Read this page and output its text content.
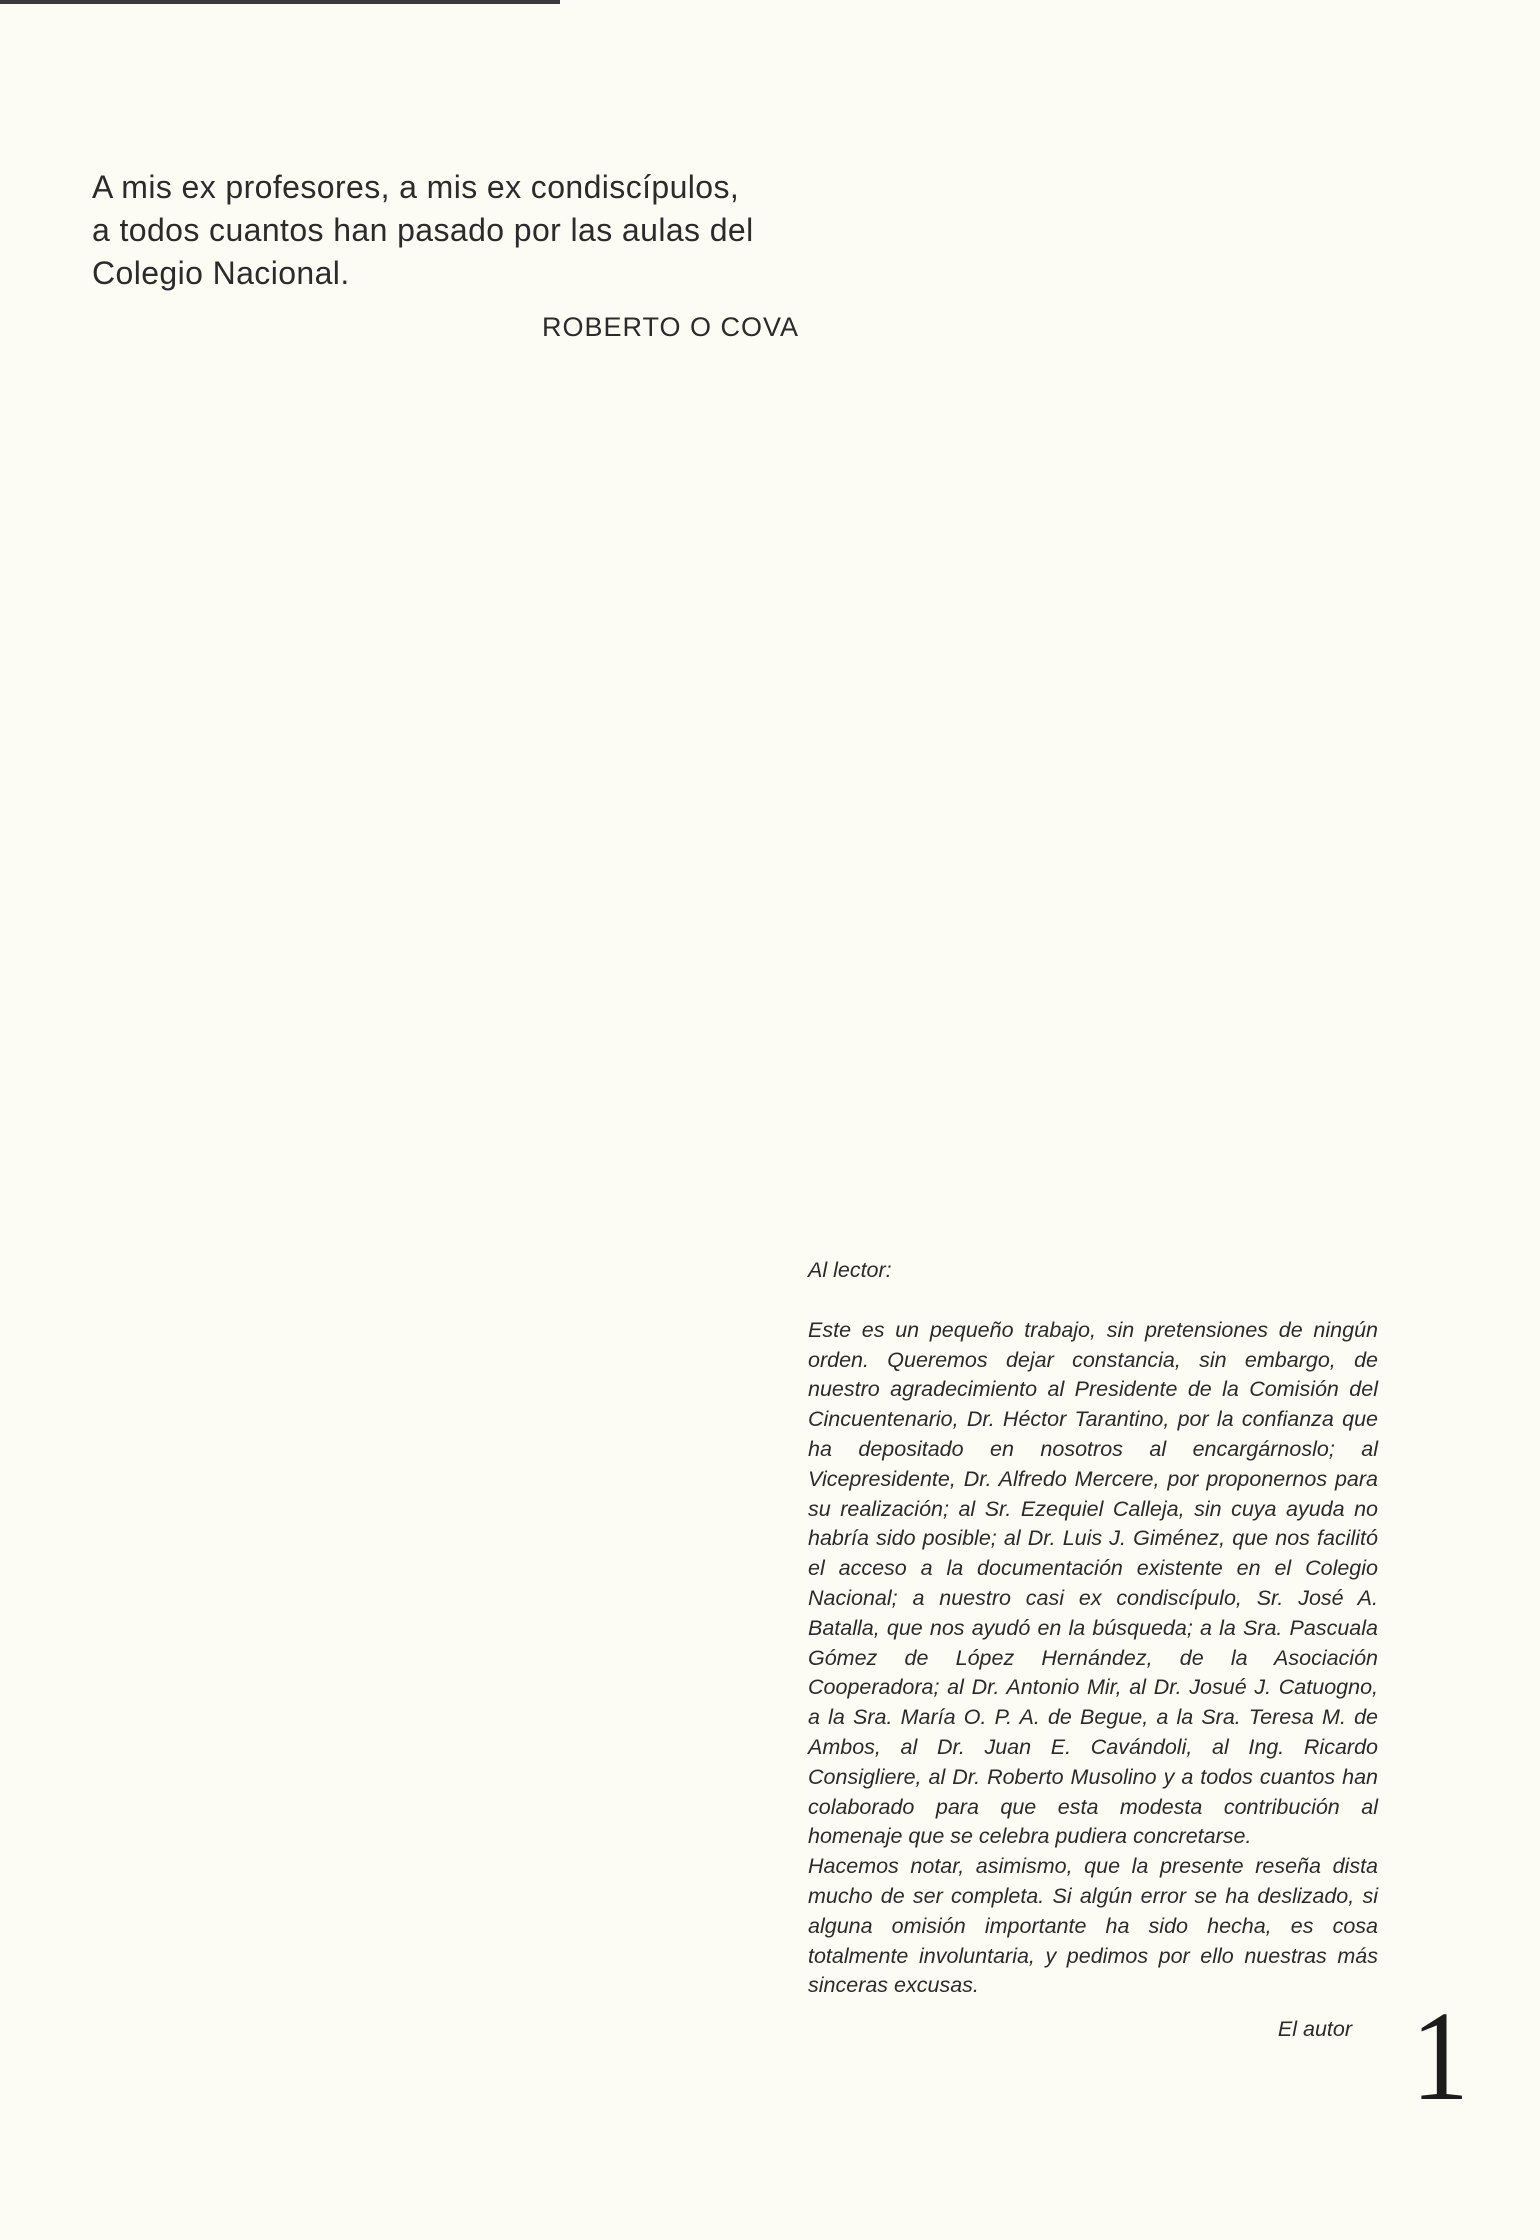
A mis ex profesores, a mis ex condiscípulos,
a todos cuantos han pasado por las aulas del
Colegio Nacional.
ROBERTO O COVA
Al lector:

Este es un pequeño trabajo, sin pretensiones de ningún orden. Queremos dejar constancia, sin embargo, de nuestro agradecimiento al Presidente de la Comisión del Cincuentenario, Dr. Héctor Tarantino, por la confianza que ha depositado en nosotros al encargárnoslo; al Vicepresidente, Dr. Alfredo Mercere, por proponernos para su realización; al Sr. Ezequiel Calleja, sin cuya ayuda no habría sido posible; al Dr. Luis J. Giménez, que nos facilitó el acceso a la documentación existente en el Colegio Nacional; a nuestro casi ex condiscípulo, Sr. José A. Batalla, que nos ayudó en la búsqueda; a la Sra. Pascuala Gómez de López Hernández, de la Asociación Cooperadora; al Dr. Antonio Mir, al Dr. Josué J. Catuogno, a la Sra. María O. P. A. de Begue, a la Sra. Teresa M. de Ambos, al Dr. Juan E. Cavándoli, al Ing. Ricardo Consigliere, al Dr. Roberto Musolino y a todos cuantos han colaborado para que esta modesta contribución al homenaje que se celebra pudiera concretarse.

Hacemos notar, asimismo, que la presente reseña dista mucho de ser completa. Si algún error se ha deslizado, si alguna omisión importante ha sido hecha, es cosa totalmente involuntaria, y pedimos por ello nuestras más sinceras excusas.

El autor 1
